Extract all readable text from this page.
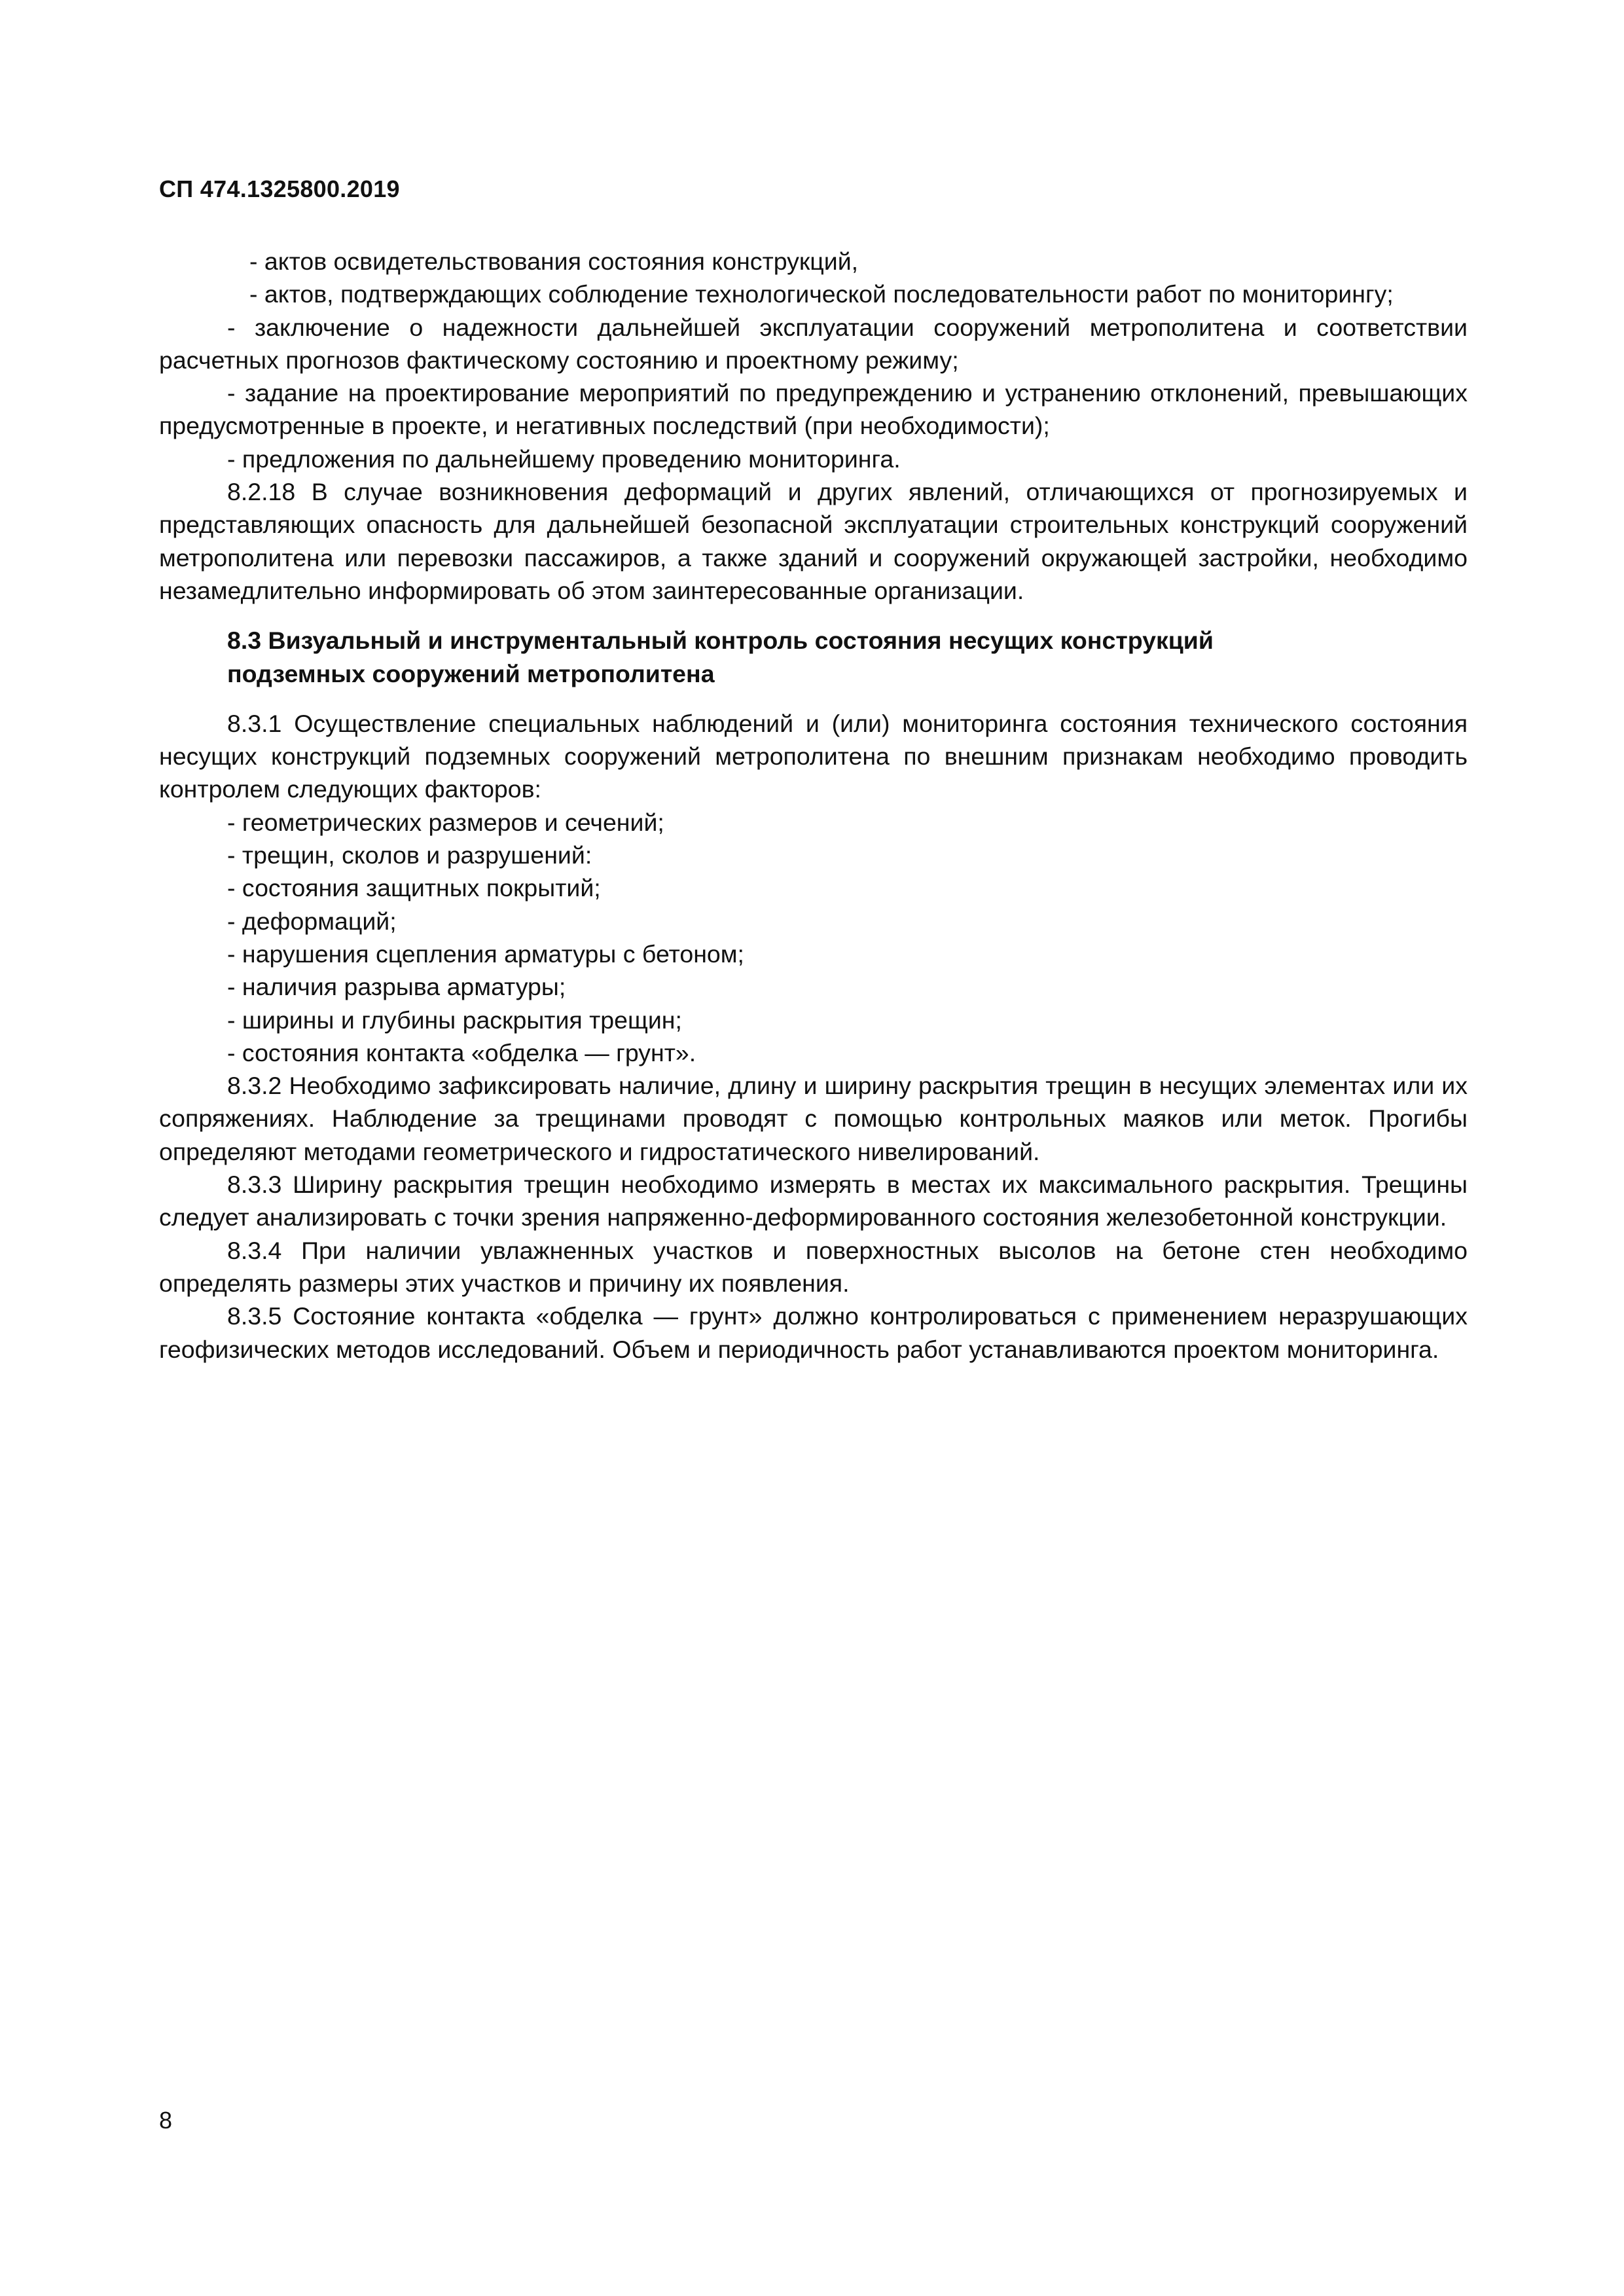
СП 474.1325800.2019

- актов освидетельствования состояния конструкций,

- актов, подтверждающих соблюдение технологической последовательности работ по мониторингу;

- заключение о надежности дальнейшей эксплуатации сооружений метрополитена и соответствии расчетных прогнозов фактическому состоянию и проектному режиму;

- задание на проектирование мероприятий по предупреждению и устранению отклонений, превышающих предусмотренные в проекте, и негативных последствий (при необходимости);

- предложения по дальнейшему проведению мониторинга.

8.2.18 В случае возникновения деформаций и других явлений, отличающихся от прогнозируемых и представляющих опасность для дальнейшей безопасной эксплуатации строительных конструкций сооружений метрополитена или перевозки пассажиров, а также зданий и сооружений окружающей застройки, необходимо незамедлительно информировать об этом заинтересованные организации.

8.3 Визуальный и инструментальный контроль состояния несущих конструкций
подземных сооружений метрополитена

8.3.1 Осуществление специальных наблюдений и (или) мониторинга состояния технического состояния несущих конструкций подземных сооружений метрополитена по внешним признакам необходимо проводить контролем следующих факторов:

- геометрических размеров и сечений;

- трещин, сколов и разрушений:

- состояния защитных покрытий;

- деформаций;

- нарушения сцепления арматуры с бетоном;

- наличия разрыва арматуры;

- ширины и глубины раскрытия трещин;

- состояния контакта «обделка — грунт».

8.3.2 Необходимо зафиксировать наличие, длину и ширину раскрытия трещин в несущих элементах или их сопряжениях. Наблюдение за трещинами проводят с помощью контрольных маяков или меток. Прогибы определяют методами геометрического и гидростатического нивелирований.

8.3.3 Ширину раскрытия трещин необходимо измерять в местах их максимального раскрытия. Трещины следует анализировать с точки зрения напряженно-деформированного состояния железобетонной конструкции.

8.3.4 При наличии увлажненных участков и поверхностных высолов на бетоне стен необходимо определять размеры этих участков и причину их появления.

8.3.5 Состояние контакта «обделка — грунт» должно контролироваться с применением неразрушающих геофизических методов исследований. Объем и периодичность работ устанавливаются проектом мониторинга.

8
